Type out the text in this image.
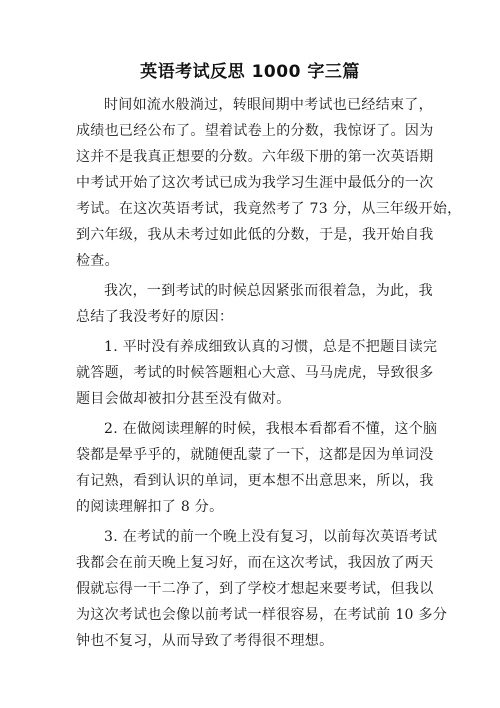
英语考试反思 1000 字三篇
时间如流水般淌过，转眼间期中考试也已经结束了，
成绩也已经公布了。望着试卷上的分数，我惊讶了。因为
这并不是我真正想要的分数。六年级下册的第一次英语期
中考试开始了这次考试已成为我学习生涯中最低分的一次
考试。在这次英语考试，我竟然考了 73 分，从三年级开始，
到六年级，我从未考过如此低的分数，于是，我开始自我
检查。
我次，一到考试的时候总因紧张而很着急，为此，我
总结了我没考好的原因：
1. 平时没有养成细致认真的习惯，总是不把题目读完
就答题，考试的时候答题粗心大意、马马虎虎，导致很多
题目会做却被扣分甚至没有做对。
2. 在做阅读理解的时候，我根本看都看不懂，这个脑
袋都是晕乎乎的，就随便乱蒙了一下，这都是因为单词没
有记熟，看到认识的单词，更本想不出意思来，所以，我
的阅读理解扣了 8 分。
3. 在考试的前一个晚上没有复习，以前每次英语考试
我都会在前天晚上复习好，而在这次考试，我因放了两天
假就忘得一干二净了，到了学校才想起来要考试，但我以
为这次考试也会像以前考试一样很容易，在考试前 10 多分
钟也不复习，从而导致了考得很不理想。
